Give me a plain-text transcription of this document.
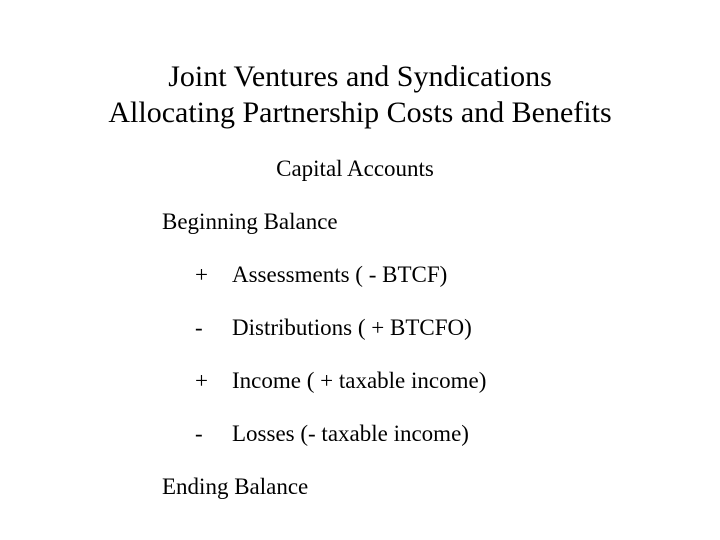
Joint Ventures and Syndications
Allocating Partnership Costs and Benefits
Capital Accounts
Beginning Balance
+	Assessments ( - BTCF)
-	Distributions ( + BTCFO)
+	Income ( + taxable income)
-	Losses (- taxable income)
Ending Balance
